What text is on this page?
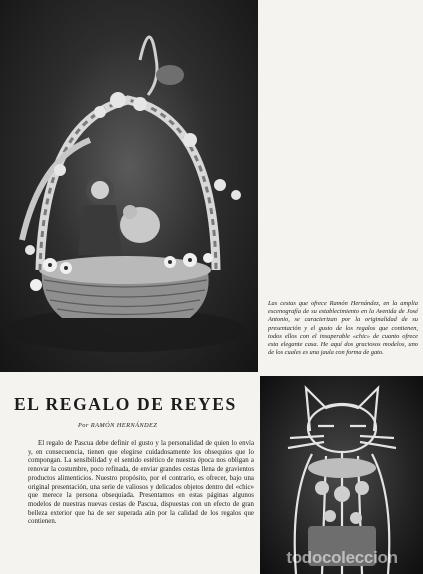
Las cestas que ofrece Ramón Hernández, en la amplia escenografía de su establecimiento en la Avenida de José Antonio, se caracterizan por la originalidad de su presentación y el gusto de los regalos que contienen, todos ellos con el insuperable «chic» de cuanto ofrece esta elegante casa. He aquí dos graciosos modelos, uno de los cuales es una jaula con forma de gato.

EL REGALO DE REYES

Por RAMÓN HERNÁNDEZ

El regalo de Pascua debe definir el gusto y la personalidad de quien lo envía y, en consecuencia, tienen que elegirse cuidadosamente los obsequios que lo compongan. La sensibilidad y el sentido estético de nuestra época nos obligan a renovar la costumbre, poco refinada, de enviar grandes cestas llena de gravientos productos alimenticios. Nuestro propósito, por el contrario, es ofrecer, bajo una original presentación, una serie de valiosos y delicados objetos dentro del «chic» que merece la persona obsequiada. Presentamos en estas páginas algunos modelos de nuestras nuevas cestas de Pascua, dispuestas con un efecto de gran belleza exterior que ha de ser superada aún por la calidad de los regalos que contienen.

todocoleccion
